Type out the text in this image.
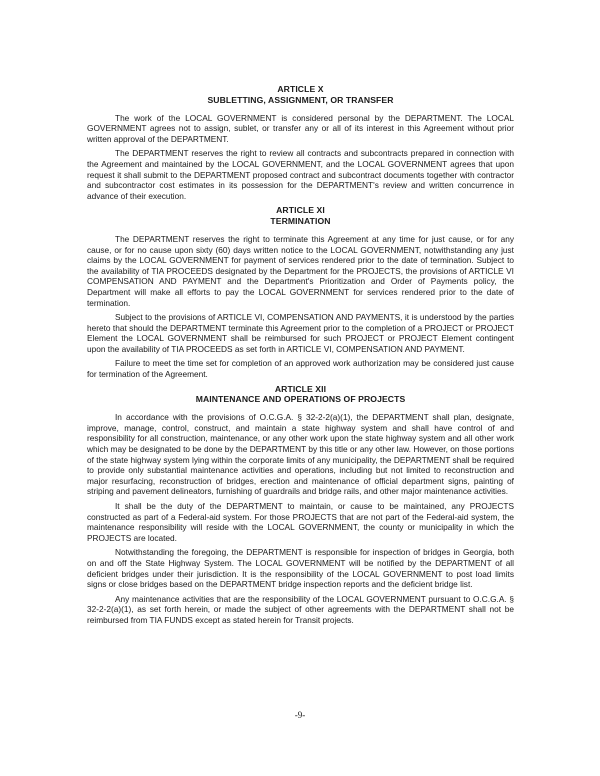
ARTICLE X
SUBLETTING, ASSIGNMENT, OR TRANSFER

The work of the LOCAL GOVERNMENT is considered personal by the DEPARTMENT. The LOCAL GOVERNMENT agrees not to assign, sublet, or transfer any or all of its interest in this Agreement without prior written approval of the DEPARTMENT.

The DEPARTMENT reserves the right to review all contracts and subcontracts prepared in connection with the Agreement and maintained by the LOCAL GOVERNMENT, and the LOCAL GOVERNMENT agrees that upon request it shall submit to the DEPARTMENT proposed contract and subcontract documents together with contractor and subcontractor cost estimates in its possession for the DEPARTMENT's review and written concurrence in advance of their execution.

ARTICLE XI
TERMINATION

The DEPARTMENT reserves the right to terminate this Agreement at any time for just cause, or for any cause, or for no cause upon sixty (60) days written notice to the LOCAL GOVERNMENT, notwithstanding any just claims by the LOCAL GOVERNMENT for payment of services rendered prior to the date of termination. Subject to the availability of TIA PROCEEDS designated by the Department for the PROJECTS, the provisions of ARTICLE VI COMPENSATION AND PAYMENT and the Department's Prioritization and Order of Payments policy, the Department will make all efforts to pay the LOCAL GOVERNMENT for services rendered prior to the date of termination.

Subject to the provisions of ARTICLE VI, COMPENSATION AND PAYMENTS, it is understood by the parties hereto that should the DEPARTMENT terminate this Agreement prior to the completion of a PROJECT or PROJECT Element the LOCAL GOVERNMENT shall be reimbursed for such PROJECT or PROJECT Element contingent upon the availability of TIA PROCEEDS as set forth in ARTICLE VI, COMPENSATION AND PAYMENT.

Failure to meet the time set for completion of an approved work authorization may be considered just cause for termination of the Agreement.

ARTICLE XII
MAINTENANCE AND OPERATIONS OF PROJECTS

In accordance with the provisions of O.C.G.A. § 32-2-2(a)(1), the DEPARTMENT shall plan, designate, improve, manage, control, construct, and maintain a state highway system and shall have control of and responsibility for all construction, maintenance, or any other work upon the state highway system and all other work which may be designated to be done by the DEPARTMENT by this title or any other law. However, on those portions of the state highway system lying within the corporate limits of any municipality, the DEPARTMENT shall be required to provide only substantial maintenance activities and operations, including but not limited to reconstruction and major resurfacing, reconstruction of bridges, erection and maintenance of official department signs, painting of striping and pavement delineators, furnishing of guardrails and bridge rails, and other major maintenance activities.

It shall be the duty of the DEPARTMENT to maintain, or cause to be maintained, any PROJECTS constructed as part of a Federal-aid system. For those PROJECTS that are not part of the Federal-aid system, the maintenance responsibility will reside with the LOCAL GOVERNMENT, the county or municipality in which the PROJECTS are located.

Notwithstanding the foregoing, the DEPARTMENT is responsible for inspection of bridges in Georgia, both on and off the State Highway System. The LOCAL GOVERNMENT will be notified by the DEPARTMENT of all deficient bridges under their jurisdiction. It is the responsibility of the LOCAL GOVERNMENT to post load limits signs or close bridges based on the DEPARTMENT bridge inspection reports and the deficient bridge list.

Any maintenance activities that are the responsibility of the LOCAL GOVERNMENT pursuant to O.C.G.A. § 32-2-2(a)(1), as set forth herein, or made the subject of other agreements with the DEPARTMENT shall not be reimbursed from TIA FUNDS except as stated herein for Transit projects.

-9-
